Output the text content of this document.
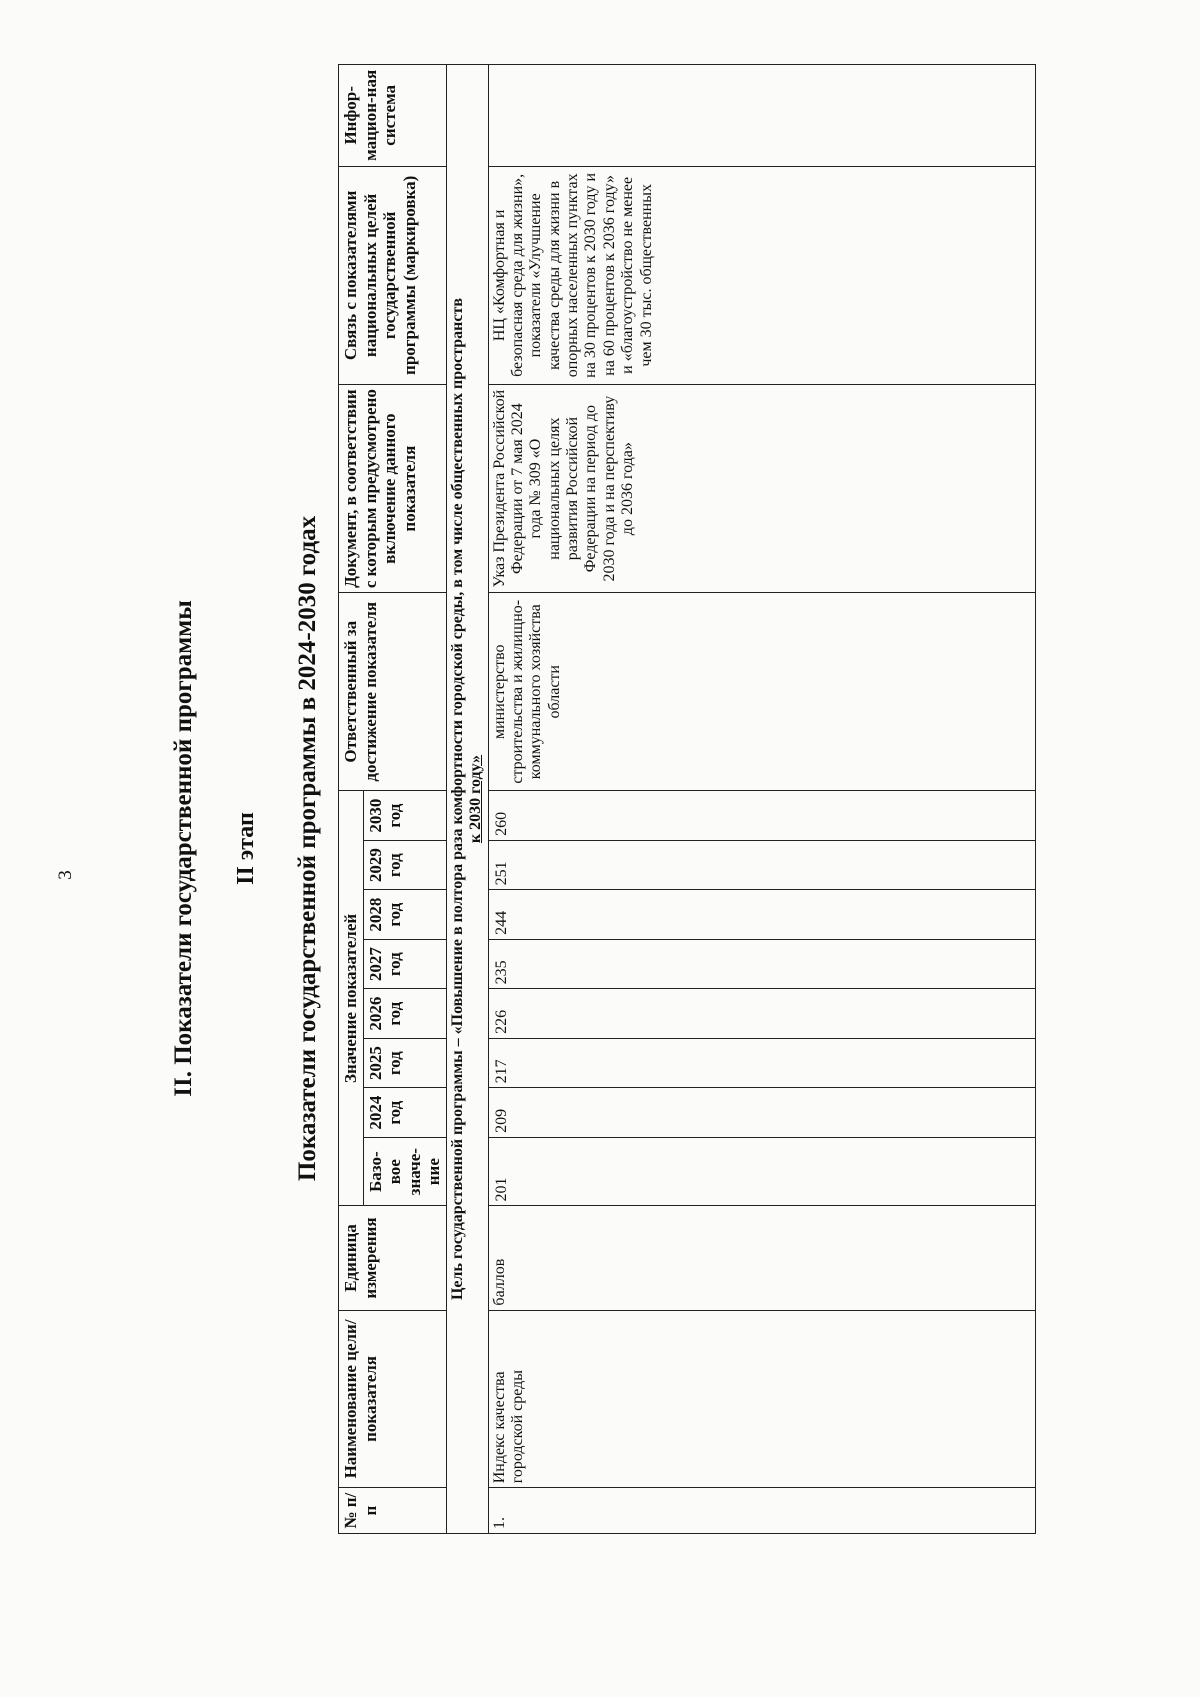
3	II. Показатели государственной программы II этап Показатели государственной программы в 2024-2030 годах
№ п/п	Наименование цели/показателя	Единица измерения	Значение показателей								Ответственный за достижение показателя	Документ, в соответствии с которым предусмотрено включение данного показателя	Связь с показателями национальных целей государственной программы (маркировка)	Инфор-мацион-ная система
			Базо-вое значе-ние	2024 год	2025 год	2026 год	2027 год	2028 год	2029 год	2030 год				

Цель государственной программы – «Повышение в полтора раза комфортности городской среды, в том числе общественных пространств к 2030 году»														

1.	Индекс качества городской среды	баллов	201	209	217	226	235	244	251	260	министерство строительства и жилищно-коммунального хозяйства области	Указ Президента Российской Федерации от 7 мая 2024 года № 309 «О национальных целях развития Российской Федерации на период до 2030 года и на перспективу до 2036 года»	НЦ «Комфортная и безопасная среда для жизни», показатели «Улучшение качества среды для жизни в опорных населенных пунктах на 30 процентов к 2030 году и на 60 процентов к 2036 году» и «благоустройство не менее чем 30 тыс. общественных	
